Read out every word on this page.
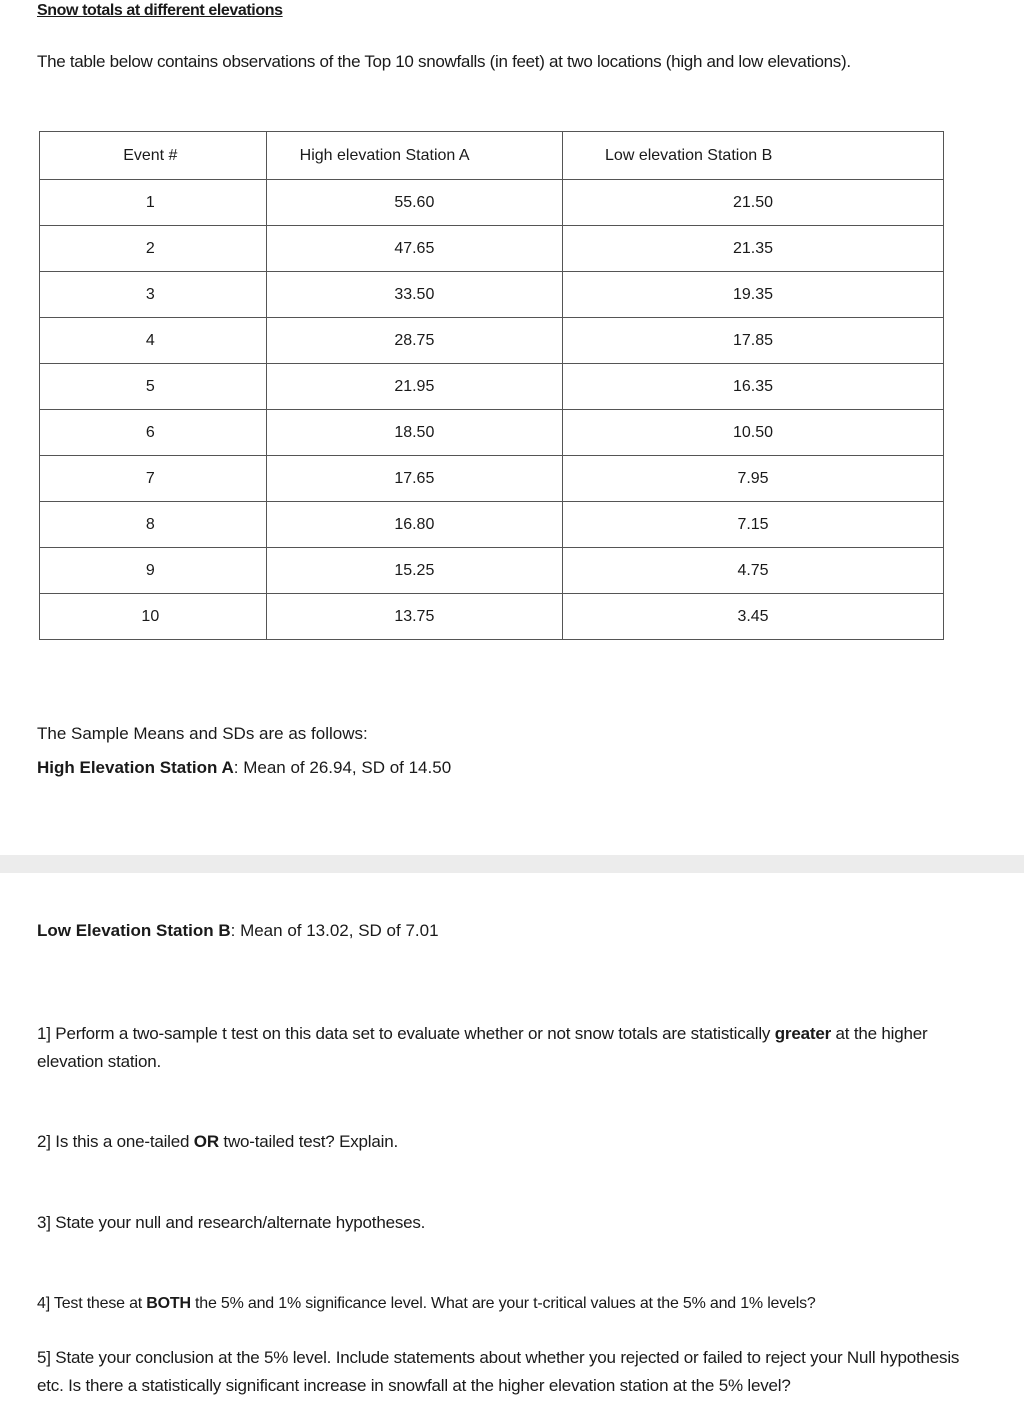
Snow totals at different elevations
The table below contains observations of the Top 10 snowfalls (in feet) at two locations (high and low elevations).
Event #	High elevation Station A	Low elevation Station B
1	55.60	21.50
2	47.65	21.35
3	33.50	19.35
4	28.75	17.85
5	21.95	16.35
6	18.50	10.50
7	17.65	7.95
8	16.80	7.15
9	15.25	4.75
10	13.75	3.45
The Sample Means and SDs are as follows:
High Elevation Station A: Mean of 26.94, SD of 14.50
Low Elevation Station B: Mean of 13.02, SD of 7.01
1] Perform a two-sample t test on this data set to evaluate whether or not snow totals are statistically greater at the higher elevation station.
2] Is this a one-tailed OR two-tailed test? Explain.
3] State your null and research/alternate hypotheses.
4] Test these at BOTH the 5% and 1% significance level. What are your t-critical values at the 5% and 1% levels?
5] State your conclusion at the 5% level. Include statements about whether you rejected or failed to reject your Null hypothesis etc. Is there a statistically significant increase in snowfall at the higher elevation station at the 5% level?
